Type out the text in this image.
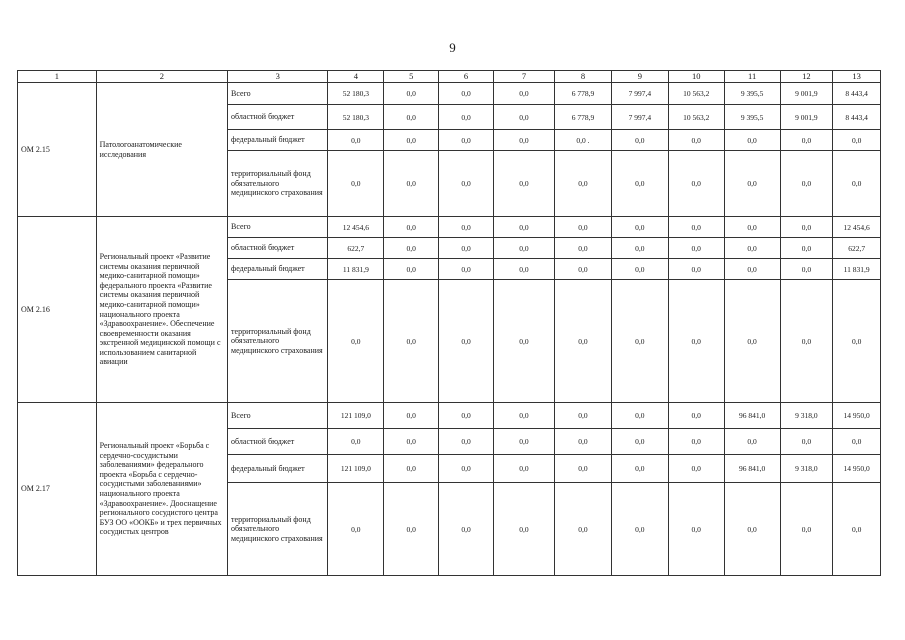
9
1	2	3	4	5	6	7	8	9	10	11	12	13
ОМ 2.15	Патологоанатомические исследования	Всего	52 180,3	0,0	0,0	0,0	6 778,9	7 997,4	10 563,2	9 395,5	9 001,9	8 443,4
		областной бюджет	52 180,3	0,0	0,0	0,0	6 778,9	7 997,4	10 563,2	9 395,5	9 001,9	8 443,4
		федеральный бюджет	0,0	0,0	0,0	0,0	0,0 .	0,0	0,0	0,0	0,0	0,0
		территориальный фонд обязательного медицинского страхования	0,0	0,0	0,0	0,0	0,0	0,0	0,0	0,0	0,0	0,0
ОМ 2.16	Региональный проект «Развитие системы оказания первичной медико-санитарной помощи» федерального проекта «Развитие системы оказания первичной медико-санитарной помощи» национального проекта «Здравоохранение». Обеспечение своевременности оказания экстренной медицинской помощи с использованием санитарной авиации	Всего	12 454,6	0,0	0,0	0,0	0,0	0,0	0,0	0,0	0,0	12 454,6
		областной бюджет	622,7	0,0	0,0	0,0	0,0	0,0	0,0	0,0	0,0	622,7
		федеральный бюджет	11 831,9	0,0	0,0	0,0	0,0	0,0	0,0	0,0	0,0	11 831,9
		территориальный фонд обязательного медицинского страхования	0,0	0,0	0,0	0,0	0,0	0,0	0,0	0,0	0,0	0,0
ОМ 2.17	Региональный проект «Борьба с сердечно-сосудистыми заболеваниями» федерального проекта «Борьба с сердечно-сосудистыми заболеваниями» национального проекта «Здравоохранение». Дооснащение регионального сосудистого центра БУЗ ОО «ООКБ» и трех первичных сосудистых центров	Всего	121 109,0	0,0	0,0	0,0	0,0	0,0	0,0	96 841,0	9 318,0	14 950,0
		областной бюджет	0,0	0,0	0,0	0,0	0,0	0,0	0,0	0,0	0,0	0,0
		федеральный бюджет	121 109,0	0,0	0,0	0,0	0,0	0,0	0,0	96 841,0	9 318,0	14 950,0
		территориальный фонд обязательного медицинского страхования	0,0	0,0	0,0	0,0	0,0	0,0	0,0	0,0	0,0	0,0
